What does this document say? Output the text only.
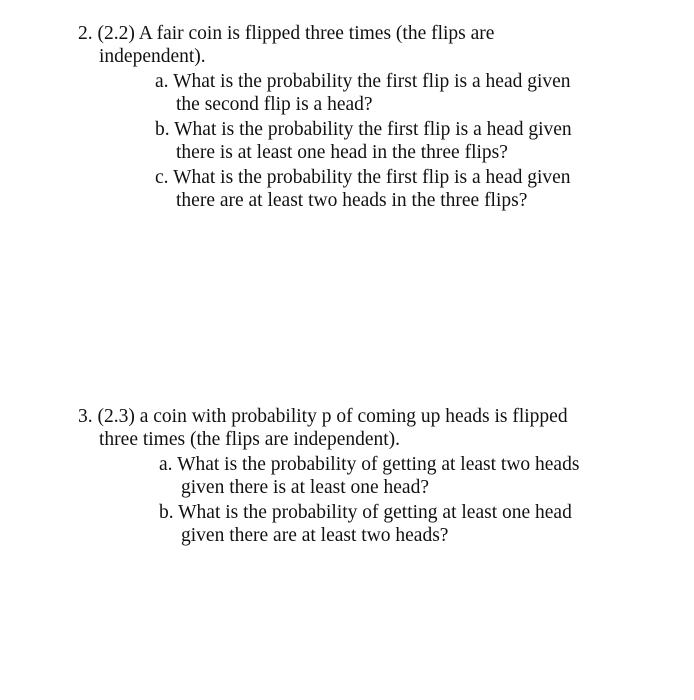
2. (2.2) A fair coin is flipped three times (the flips are
independent).
a. What is the probability the first flip is a head given
the second flip is a head?
b. What is the probability the first flip is a head given
there is at least one head in the three flips?
c. What is the probability the first flip is a head given
there are at least two heads in the three flips?
3. (2.3) a coin with probability p of coming up heads is flipped
three times (the flips are independent).
a. What is the probability of getting at least two heads
given there is at least one head?
b. What is the probability of getting at least one head
given there are at least two heads?
